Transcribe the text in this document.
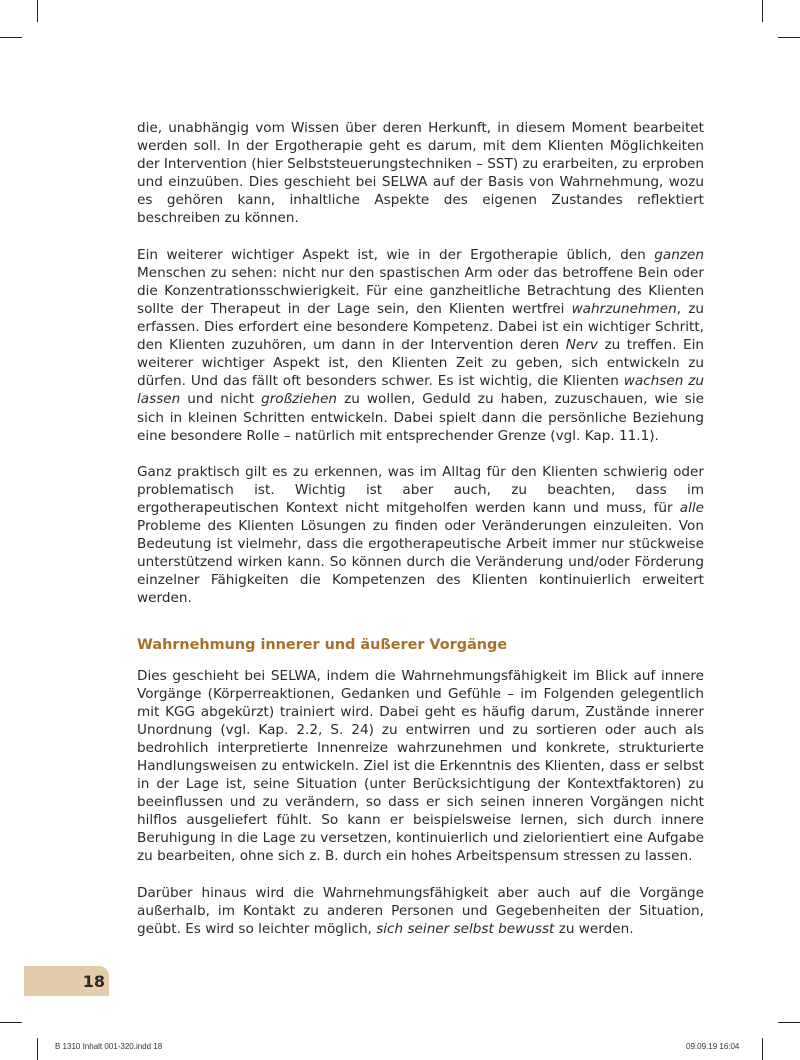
die, unabhängig vom Wissen über deren Herkunft, in diesem Moment bearbeitet werden soll. In der Ergotherapie geht es darum, mit dem Klienten Möglichkeiten der Intervention (hier Selbststeuerungstechniken – SST) zu erarbeiten, zu erproben und einzuüben. Dies geschieht bei SELWA auf der Basis von Wahrnehmung, wozu es gehören kann, inhaltliche Aspekte des eigenen Zustandes reflektiert beschreiben zu können.

Ein weiterer wichtiger Aspekt ist, wie in der Ergotherapie üblich, den ganzen Menschen zu sehen: nicht nur den spastischen Arm oder das betroffene Bein oder die Konzentrationsschwierigkeit. Für eine ganzheitliche Betrachtung des Klienten sollte der Therapeut in der Lage sein, den Klienten wertfrei wahrzunehmen, zu erfassen. Dies erfordert eine besondere Kompetenz. Dabei ist ein wichtiger Schritt, den Klienten zuzuhören, um dann in der Intervention deren Nerv zu treffen. Ein weiterer wichtiger Aspekt ist, den Klienten Zeit zu geben, sich entwickeln zu dürfen. Und das fällt oft besonders schwer. Es ist wichtig, die Klienten wachsen zu lassen und nicht großziehen zu wollen, Geduld zu haben, zuzuschauen, wie sie sich in kleinen Schritten entwickeln. Dabei spielt dann die persönliche Beziehung eine besondere Rolle – natürlich mit entsprechender Grenze (vgl. Kap. 11.1).

Ganz praktisch gilt es zu erkennen, was im Alltag für den Klienten schwierig oder problematisch ist. Wichtig ist aber auch, zu beachten, dass im ergotherapeutischen Kontext nicht mitgeholfen werden kann und muss, für alle Probleme des Klienten Lösungen zu finden oder Veränderungen einzuleiten. Von Bedeutung ist vielmehr, dass die ergotherapeutische Arbeit immer nur stückweise unterstützend wirken kann. So können durch die Veränderung und/oder Förderung einzelner Fähigkeiten die Kompetenzen des Klienten kontinuierlich erweitert werden.

Wahrnehmung innerer und äußerer Vorgänge

Dies geschieht bei SELWA, indem die Wahrnehmungsfähigkeit im Blick auf innere Vorgänge (Körperreaktionen, Gedanken und Gefühle – im Folgenden gelegentlich mit KGG abgekürzt) trainiert wird. Dabei geht es häufig darum, Zustände innerer Unordnung (vgl. Kap. 2.2, S. 24) zu entwirren und zu sortieren oder auch als bedrohlich interpretierte Innenreize wahrzunehmen und konkrete, strukturierte Handlungsweisen zu entwickeln. Ziel ist die Erkenntnis des Klienten, dass er selbst in der Lage ist, seine Situation (unter Berücksichtigung der Kontextfaktoren) zu beeinflussen und zu verändern, so dass er sich seinen inneren Vorgängen nicht hilflos ausgeliefert fühlt. So kann er beispielsweise lernen, sich durch innere Beruhigung in die Lage zu versetzen, kontinuierlich und zielorientiert eine Aufgabe zu bearbeiten, ohne sich z. B. durch ein hohes Arbeitspensum stressen zu lassen.

Darüber hinaus wird die Wahrnehmungsfähigkeit aber auch auf die Vorgänge außerhalb, im Kontakt zu anderen Personen und Gegebenheiten der Situation, geübt. Es wird so leichter möglich, sich seiner selbst bewusst zu werden.

18
B 1310 Inhalt 001-320.indd 18	09.09.19 16:04
